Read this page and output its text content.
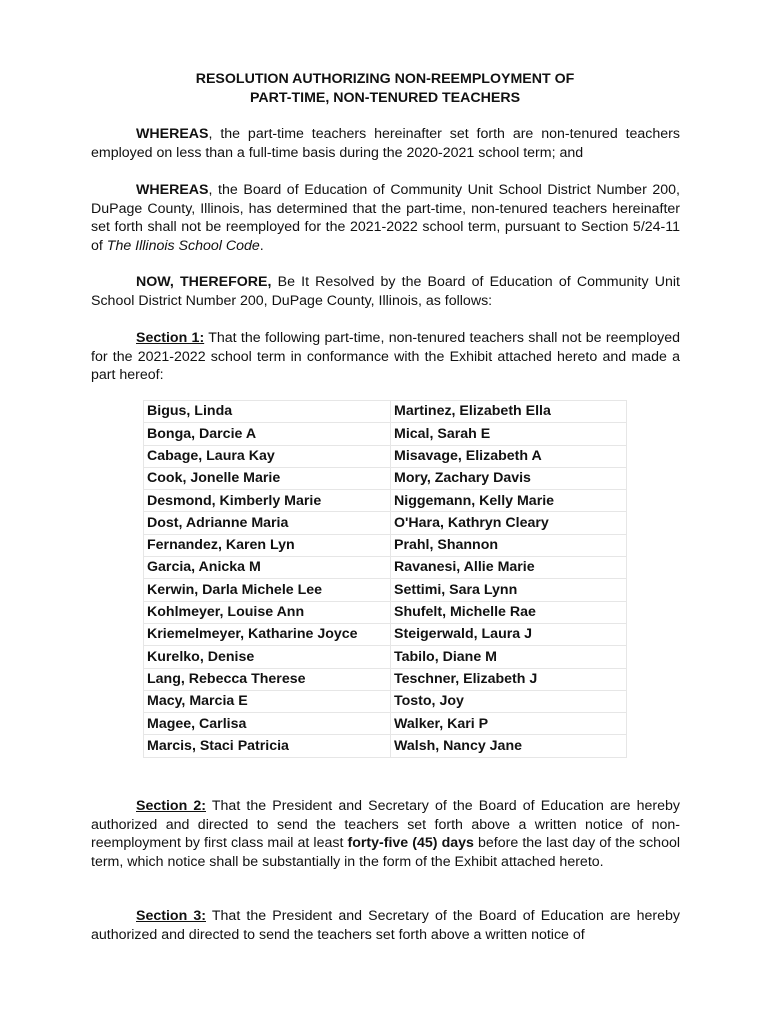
RESOLUTION AUTHORIZING NON-REEMPLOYMENT OF
PART-TIME, NON-TENURED TEACHERS
WHEREAS, the part-time teachers hereinafter set forth are non-tenured teachers employed on less than a full-time basis during the 2020-2021 school term; and
WHEREAS, the Board of Education of Community Unit School District Number 200, DuPage County, Illinois, has determined that the part-time, non-tenured teachers hereinafter set forth shall not be reemployed for the 2021-2022 school term, pursuant to Section 5/24-11 of The Illinois School Code.
NOW, THEREFORE, Be It Resolved by the Board of Education of Community Unit School District Number 200, DuPage County, Illinois, as follows:
Section 1: That the following part-time, non-tenured teachers shall not be reemployed for the 2021-2022 school term in conformance with the Exhibit attached hereto and made a part hereof:
Bigus, Linda	Martinez, Elizabeth Ella
Bonga, Darcie A	Mical, Sarah E
Cabage, Laura Kay	Misavage, Elizabeth A
Cook, Jonelle Marie	Mory, Zachary Davis
Desmond, Kimberly Marie	Niggemann, Kelly Marie
Dost, Adrianne Maria	O'Hara, Kathryn Cleary
Fernandez, Karen Lyn	Prahl, Shannon
Garcia, Anicka M	Ravanesi, Allie Marie
Kerwin, Darla Michele Lee	Settimi, Sara Lynn
Kohlmeyer, Louise Ann	Shufelt, Michelle Rae
Kriemelmeyer, Katharine Joyce	Steigerwald, Laura J
Kurelko, Denise	Tabilo, Diane M
Lang, Rebecca Therese	Teschner, Elizabeth J
Macy, Marcia E	Tosto, Joy
Magee, Carlisa	Walker, Kari P
Marcis, Staci Patricia	Walsh, Nancy Jane
Section 2: That the President and Secretary of the Board of Education are hereby authorized and directed to send the teachers set forth above a written notice of non-reemployment by first class mail at least forty-five (45) days before the last day of the school term, which notice shall be substantially in the form of the Exhibit attached hereto.
Section 3: That the President and Secretary of the Board of Education are hereby authorized and directed to send the teachers set forth above a written notice of
